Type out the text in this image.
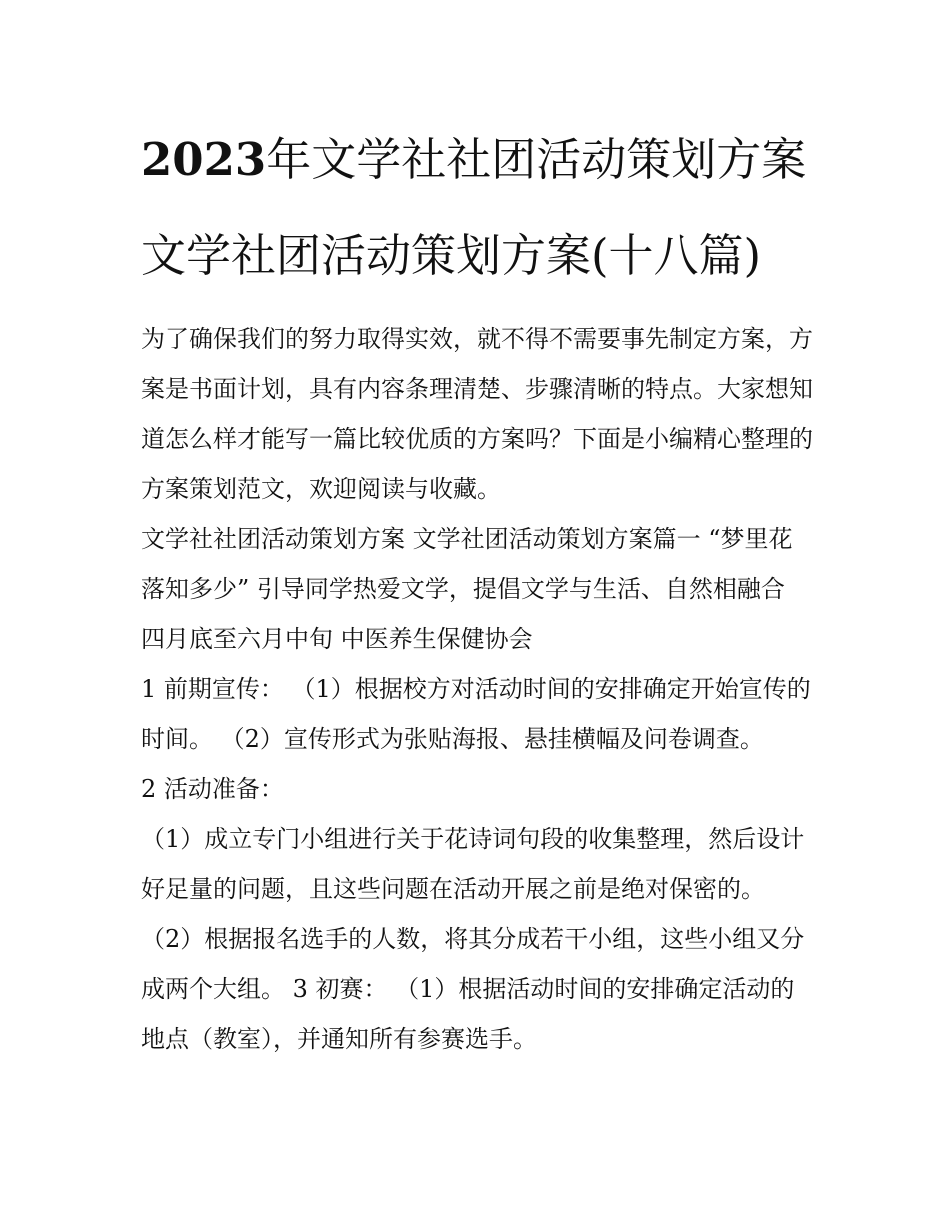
2023年文学社社团活动策划方案 文学社团活动策划方案(十八篇)

为了确保我们的努力取得实效，就不得不需要事先制定方案，方案是书面计划，具有内容条理清楚、步骤清晰的特点。大家想知道怎么样才能写一篇比较优质的方案吗？下面是小编精心整理的方案策划范文，欢迎阅读与收藏。

文学社社团活动策划方案 文学社团活动策划方案篇一 “梦里花落知多少” 引导同学热爱文学，提倡文学与生活、自然相融合 四月底至六月中旬 中医养生保健协会

1 前期宣传： （1）根据校方对活动时间的安排确定开始宣传的时间。 （2）宣传形式为张贴海报、悬挂横幅及问卷调查。

2 活动准备：

（1）成立专门小组进行关于花诗词句段的收集整理，然后设计好足量的问题，且这些问题在活动开展之前是绝对保密的。 （2）根据报名选手的人数，将其分成若干小组，这些小组又分成两个大组。 3 初赛： （1）根据活动时间的安排确定活动的地点（教室），并通知所有参赛选手。
